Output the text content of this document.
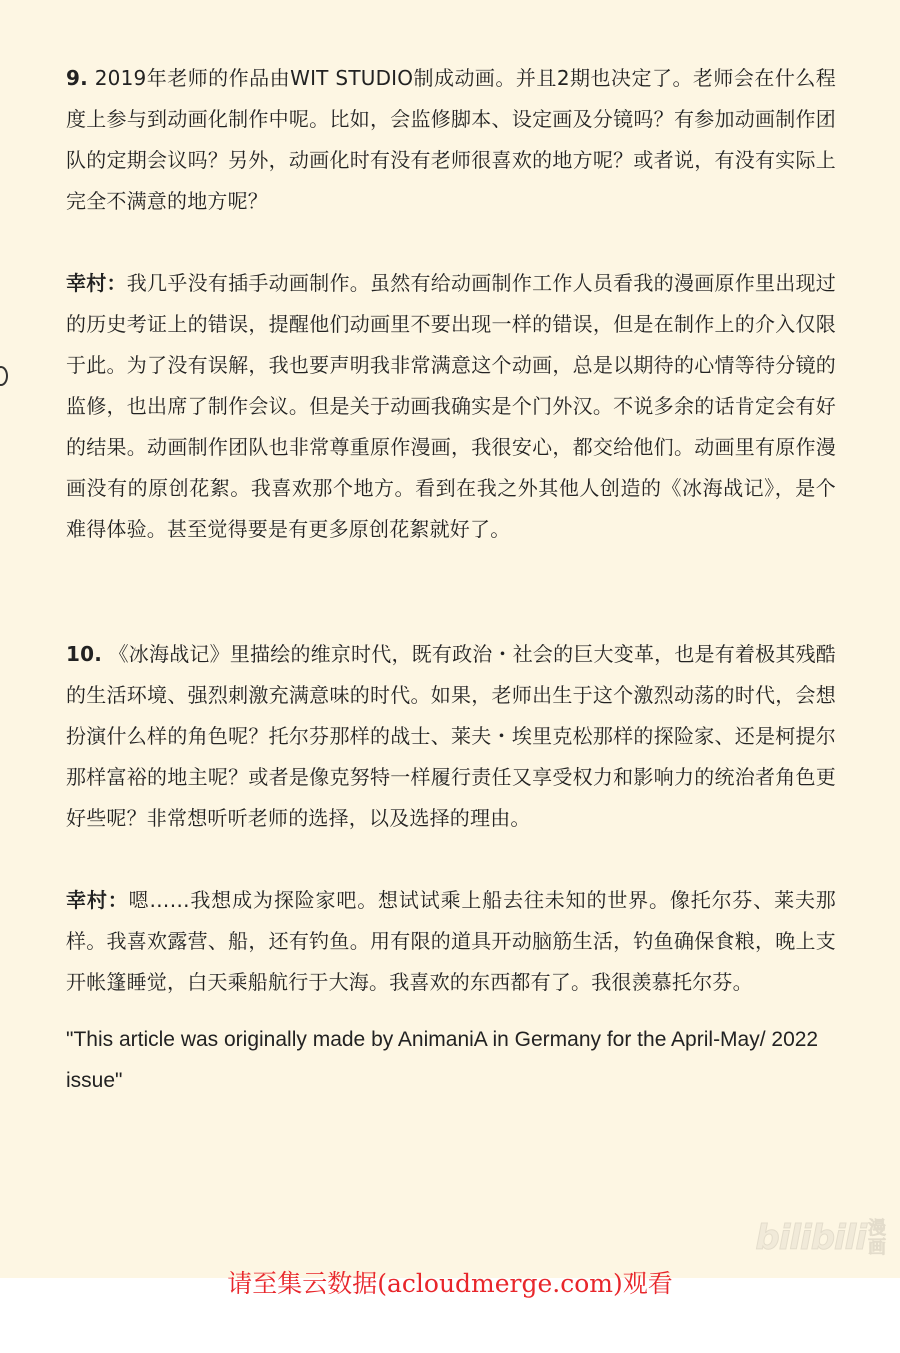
9. 2019年老师的作品由WIT STUDIO制成动画。并且2期也决定了。老师会在什么程度上参与到动画化制作中呢。比如，会监修脚本、设定画及分镜吗？有参加动画制作团队的定期会议吗？另外，动画化时有没有老师很喜欢的地方呢？或者说，有没有实际上完全不满意的地方呢？

幸村：我几乎没有插手动画制作。虽然有给动画制作工作人员看我的漫画原作里出现过的历史考证上的错误，提醒他们动画里不要出现一样的错误，但是在制作上的介入仅限于此。为了没有误解，我也要声明我非常满意这个动画，总是以期待的心情等待分镜的监修，也出席了制作会议。但是关于动画我确实是个门外汉。不说多余的话肯定会有好的结果。动画制作团队也非常尊重原作漫画，我很安心，都交给他们。动画里有原作漫画没有的原创花絮。我喜欢那个地方。看到在我之外其他人创造的《冰海战记》，是个难得体验。甚至觉得要是有更多原创花絮就好了。

10. 《冰海战记》里描绘的维京时代，既有政治・社会的巨大变革，也是有着极其残酷的生活环境、强烈刺激充满意味的时代。如果，老师出生于这个激烈动荡的时代，会想扮演什么样的角色呢？托尔芬那样的战士、莱夫・埃里克松那样的探险家、还是柯提尔那样富裕的地主呢？或者是像克努特一样履行责任又享受权力和影响力的统治者角色更好些呢？非常想听听老师的选择，以及选择的理由。

幸村：嗯……我想成为探险家吧。想试试乘上船去往未知的世界。像托尔芬、莱夫那样。我喜欢露营、船，还有钓鱼。用有限的道具开动脑筋生活，钓鱼确保食粮，晚上支开帐篷睡觉，白天乘船航行于大海。我喜欢的东西都有了。我很羡慕托尔芬。

"This article was originally made by AnimaniA in Germany for the April-May/ 2022 issue"

bilibili 漫
画
请至集云数据(acloudmerge.com)观看
